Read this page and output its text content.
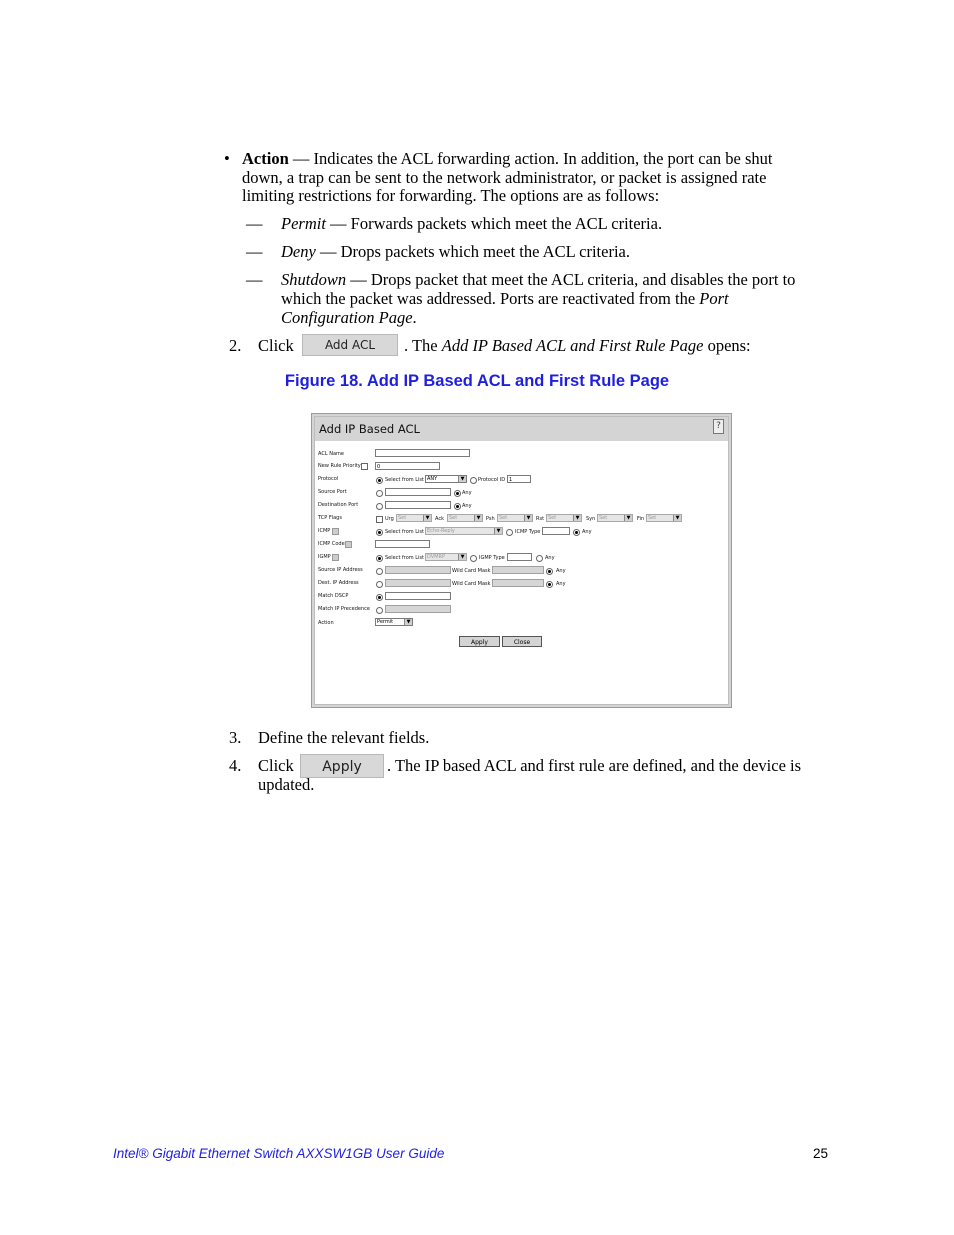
• Action — Indicates the ACL forwarding action. In addition, the port can be shut
down, a trap can be sent to the network administrator, or packet is assigned rate
limiting restrictions for forwarding. The options are as follows:
— Permit — Forwards packets which meet the ACL criteria.
— Deny — Drops packets which meet the ACL criteria.
— Shutdown — Drops packet that meet the ACL criteria, and disables the port to
which the packet was addressed. Ports are reactivated from the Port
Configuration Page.
2. Click	Add ACL	. The Add IP Based ACL and First Rule Page opens:
Figure 18. Add IP Based ACL and First Rule Page
Add IP Based ACL	?
ACL Name
New Rule Priority	0
Protocol	Select from List ANY	▼	Protocol ID 1
Source Port	Any
Destination Port	Any
TCP Flags	Urg Set	▼	Ack	Set	▼	Psh Set	▼	Rst Set	▼	Syn Set	▼	Fin Set	▼
ICMP	Select from List Echo-Reply	▼	ICMP Type	Any
ICMP Code
IGMP	Select from List DVMRP	▼	IGMP Type	Any
Source IP Address	Wild Card Mask	Any
Dest. IP Address	Wild Card Mask	Any
Match DSCP
Match IP Precedence
Action	Permit	▼
Apply	Close
3. Define the relevant fields.
4. Click	Apply	. The IP based ACL and first rule are defined, and the device is
updated.
Intel® Gigabit Ethernet Switch AXXSW1GB User Guide	25
